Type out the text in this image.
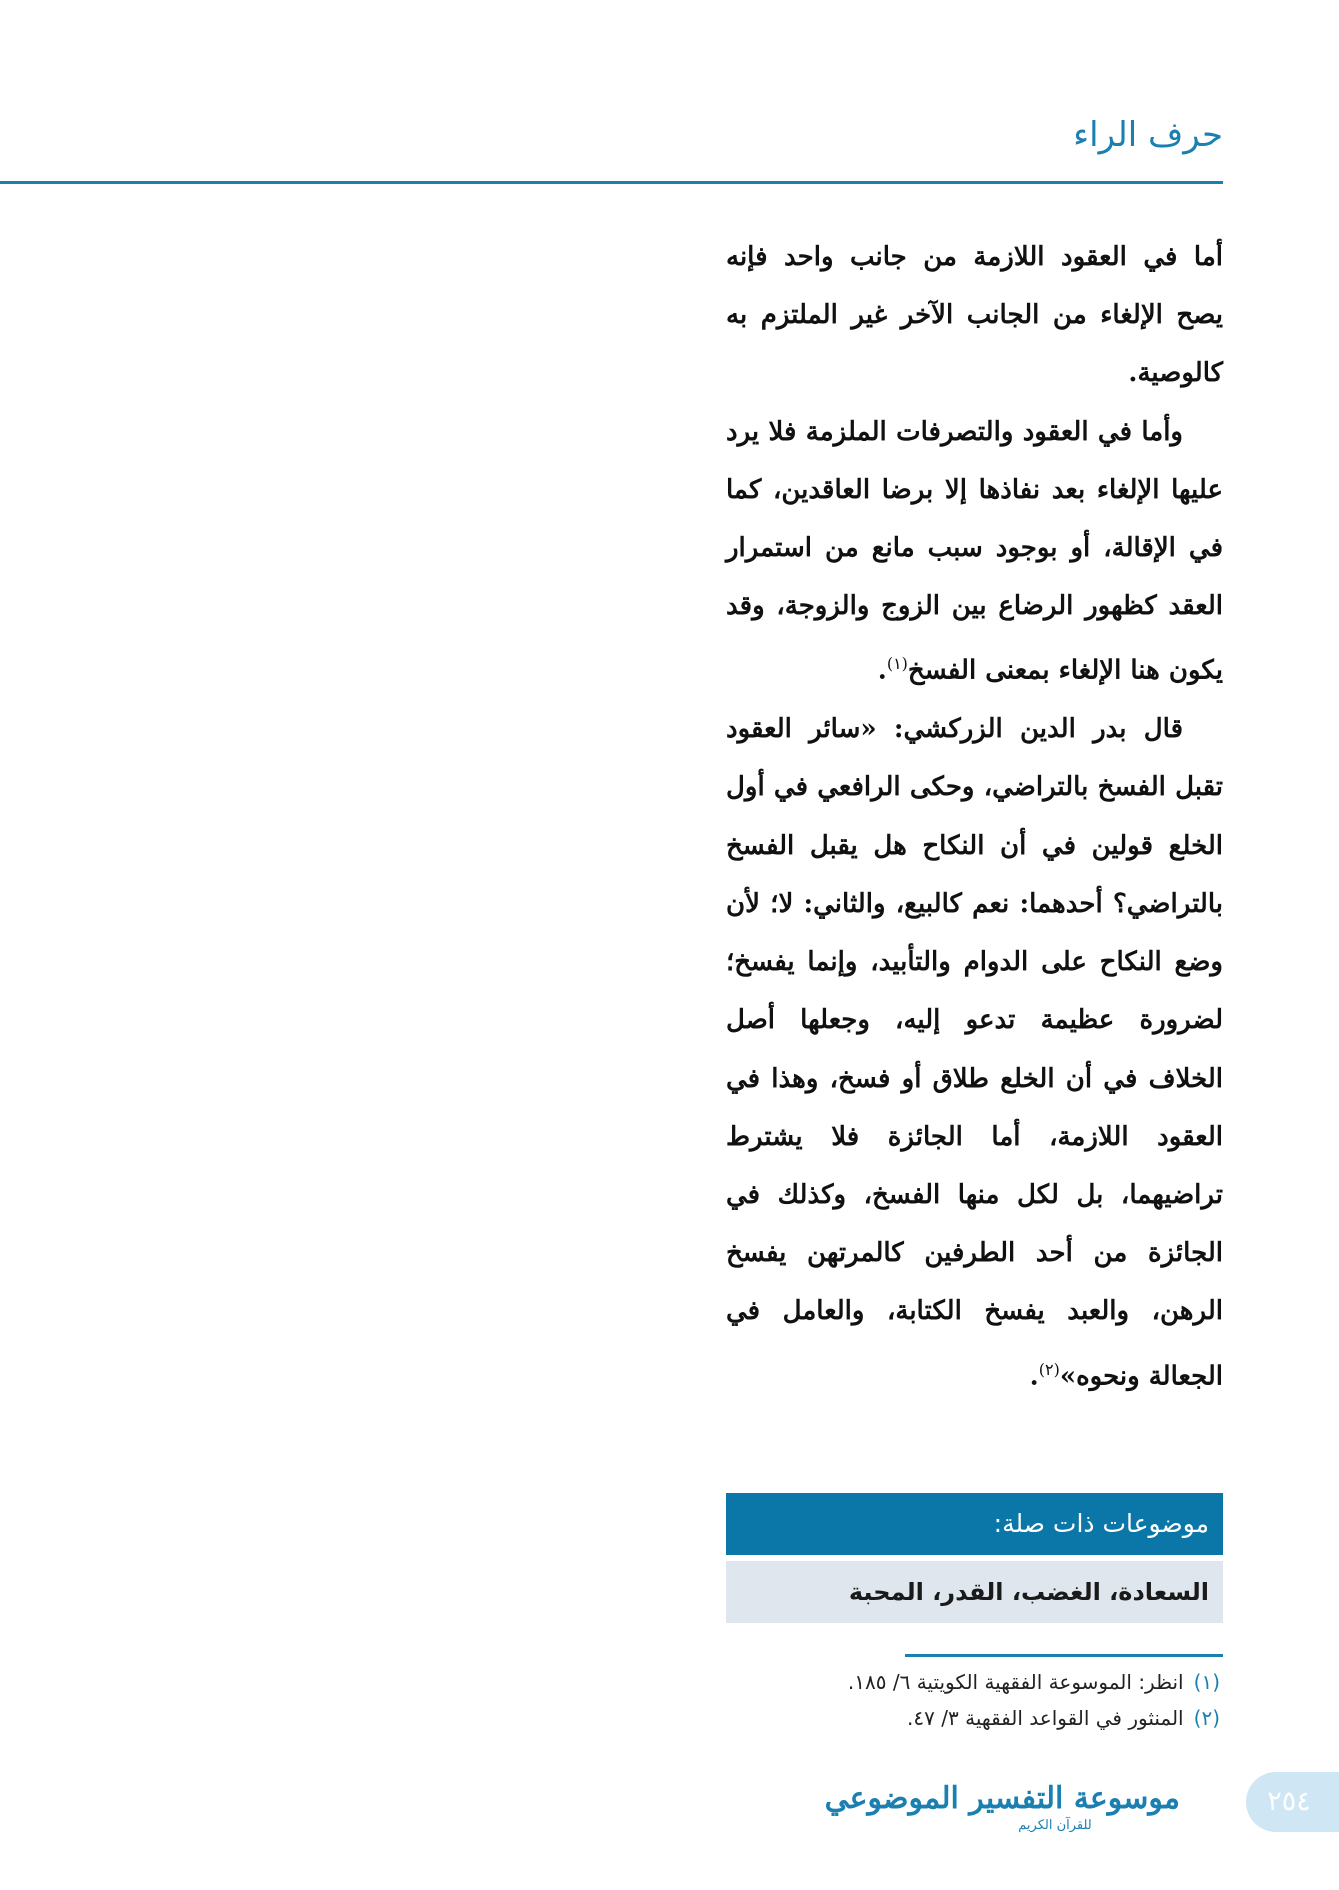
حرف الراء

أما في العقود اللازمة من جانب واحد فإنه يصح الإلغاء من الجانب الآخر غير الملتزم به كالوصية.

وأما في العقود والتصرفات الملزمة فلا يرد عليها الإلغاء بعد نفاذها إلا برضا العاقدين، كما في الإقالة، أو بوجود سبب مانع من استمرار العقد كظهور الرضاع بين الزوج والزوجة، وقد يكون هنا الإلغاء بمعنى الفسخ$^{(١)}$.

قال بدر الدين الزركشي: «سائر العقود تقبل الفسخ بالتراضي، وحكى الرافعي في أول الخلع قولين في أن النكاح هل يقبل الفسخ بالتراضي؟ أحدهما: نعم كالبيع، والثاني: لا؛ لأن وضع النكاح على الدوام والتأبيد، وإنما يفسخ؛ لضرورة عظيمة تدعو إليه، وجعلها أصل الخلاف في أن الخلع طلاق أو فسخ، وهذا في العقود اللازمة، أما الجائزة فلا يشترط تراضيهما، بل لكل منها الفسخ، وكذلك في الجائزة من أحد الطرفين كالمرتهن يفسخ الرهن، والعبد يفسخ الكتابة، والعامل في الجعالة ونحوه»$^{(٢)}$.

موضوعات ذات صلة:
السعادة، الغضب، القدر، المحبة
(١)انظر: الموسوعة الفقهية الكويتية ٦/ ١٨٥.
(٢)المنثور في القواعد الفقهية ٣/ ٤٧.
موسوعة التفسير الموضوعي
للقرآن الكريم
٢٥٤
